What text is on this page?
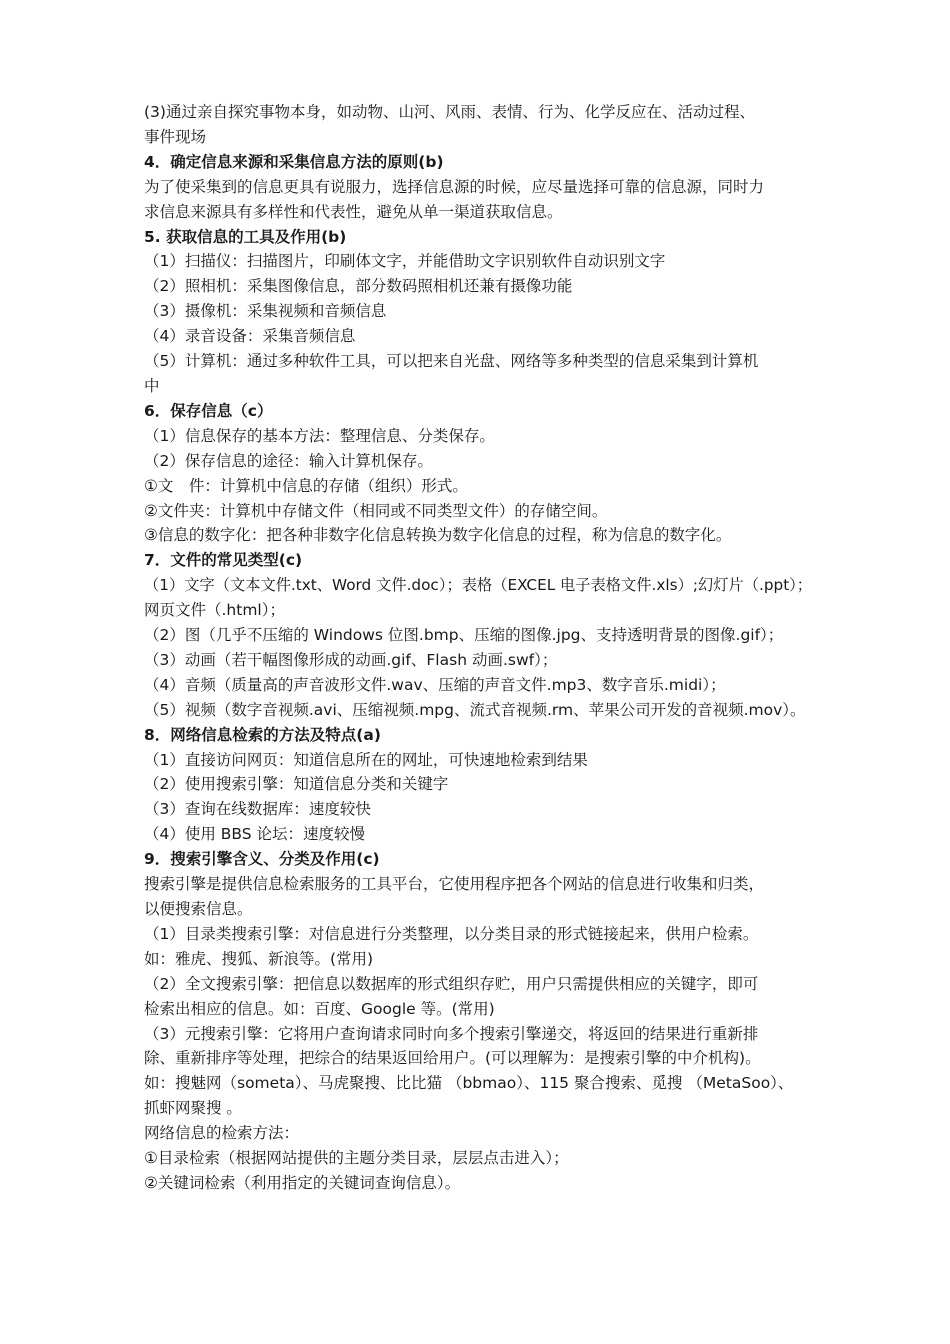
(3)通过亲自探究事物本身，如动物、山河、风雨、表情、行为、化学反应在、活动过程、
事件现场
4．确定信息来源和采集信息方法的原则(b)
为了使采集到的信息更具有说服力，选择信息源的时候，应尽量选择可靠的信息源，同时力
求信息来源具有多样性和代表性，避免从单一渠道获取信息。
5. 获取信息的工具及作用(b)
（1）扫描仪：扫描图片，印刷体文字，并能借助文字识别软件自动识别文字
（2）照相机：采集图像信息，部分数码照相机还兼有摄像功能
（3）摄像机：采集视频和音频信息
（4）录音设备：采集音频信息
（5）计算机：通过多种软件工具，可以把来自光盘、网络等多种类型的信息采集到计算机
中
6．保存信息（c）
（1）信息保存的基本方法：整理信息、分类保存。
（2）保存信息的途径：输入计算机保存。
①文　件：计算机中信息的存储（组织）形式。
②文件夹：计算机中存储文件（相同或不同类型文件）的存储空间。
③信息的数字化：把各种非数字化信息转换为数字化信息的过程，称为信息的数字化。
7．文件的常见类型(c)
（1）文字（文本文件.txt、Word 文件.doc）；表格（EXCEL 电子表格文件.xls）;幻灯片（.ppt）；
网页文件（.html）；
（2）图（几乎不压缩的 Windows 位图.bmp、压缩的图像.jpg、支持透明背景的图像.gif）；
（3）动画（若干幅图像形成的动画.gif、Flash 动画.swf）；
（4）音频（质量高的声音波形文件.wav、压缩的声音文件.mp3、数字音乐.midi）；
（5）视频（数字音视频.avi、压缩视频.mpg、流式音视频.rm、苹果公司开发的音视频.mov）。
8．网络信息检索的方法及特点(a)
（1）直接访问网页：知道信息所在的网址，可快速地检索到结果
（2）使用搜索引擎：知道信息分类和关键字
（3）查询在线数据库：速度较快
（4）使用 BBS 论坛：速度较慢
9．搜索引擎含义、分类及作用(c)
搜索引擎是提供信息检索服务的工具平台，它使用程序把各个网站的信息进行收集和归类，
以便搜索信息。
（1）目录类搜索引擎：对信息进行分类整理，以分类目录的形式链接起来，供用户检索。
如：雅虎、搜狐、新浪等。(常用)
（2）全文搜索引擎：把信息以数据库的形式组织存贮，用户只需提供相应的关键字，即可
检索出相应的信息。如：百度、Google 等。(常用)
（3）元搜索引擎：它将用户查询请求同时向多个搜索引擎递交，将返回的结果进行重新排
除、重新排序等处理，把综合的结果返回给用户。(可以理解为：是搜索引擎的中介机构)。
如：搜魅网（someta）、马虎聚搜、比比猫 （bbmao）、115 聚合搜索、觅搜 （MetaSoo）、
抓虾网聚搜 。
网络信息的检索方法：
①目录检索（根据网站提供的主题分类目录，层层点击进入）；
②关键词检索（利用指定的关键词查询信息）。
